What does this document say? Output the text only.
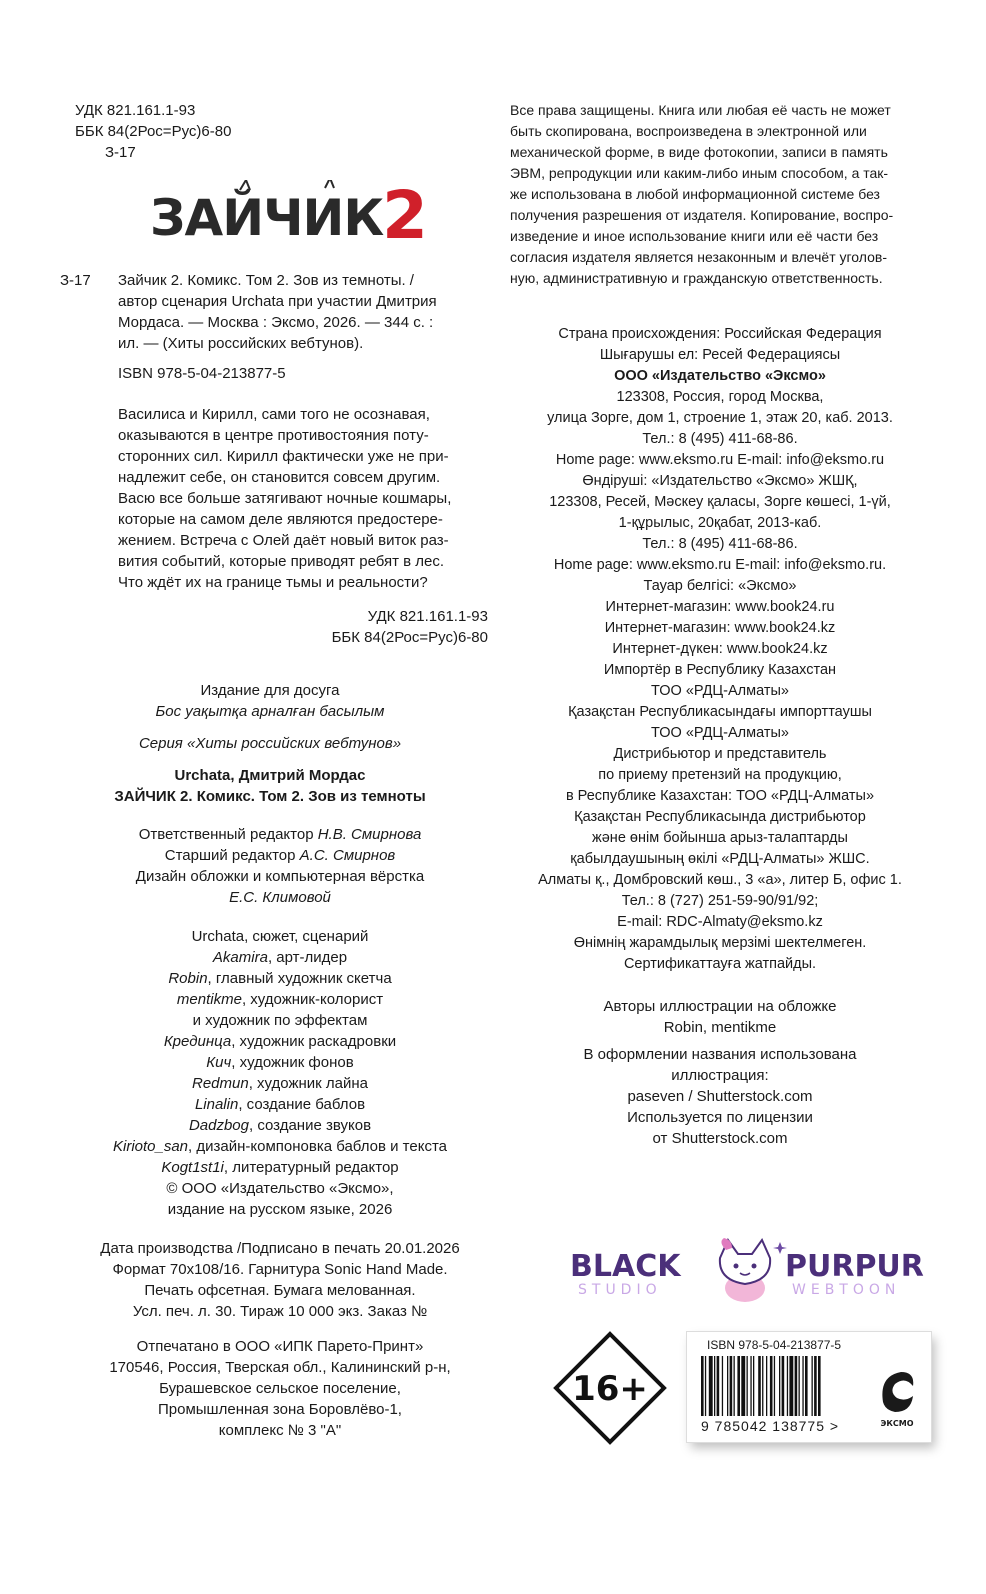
УДК 821.161.1-93
ББК 84(2Рос=Рус)6-80
З-17
ЗАЙЧИК
2
З-17 Зайчик 2. Комикс. Том 2. Зов из темноты. /
автор сценария Urchata при участии Дмитрия
Мордаса. — Москва : Эксмо, 2026. — 344 с. :
ил. — (Хиты российских вебтунов).
ISBN 978-5-04-213877-5
Василиса и Кирилл, сами того не осознавая,
оказываются в центре противостояния поту-
сторонних сил. Кирилл фактически уже не при-
надлежит себе, он становится совсем другим.
Васю все больше затягивают ночные кошмары,
которые на самом деле являются предостере-
жением. Встреча с Олей даёт новый виток раз-
вития событий, которые приводят ребят в лес.
Что ждёт их на границе тьмы и реальности?
УДК 821.161.1-93
ББК 84(2Рос=Рус)6-80
Издание для досуга
Бос уақытқа арналған басылым
Серия «Хиты российских вебтунов»
Urchata, Дмитрий Мордас
ЗАЙЧИК 2. Комикс. Том 2. Зов из темноты
Ответственный редактор Н.В. Смирнова
Старший редактор А.С. Смирнов
Дизайн обложки и компьютерная вёрстка
Е.С. Климовой
Urchata, сюжет, сценарий
Akamira, арт-лидер
Robin, главный художник скетча
mentikme, художник-колорист
и художник по эффектам
Крединца, художник раскадровки
Кич, художник фонов
Redmun, художник лайна
Linalin, создание баблов
Dadzbog, создание звуков
Kirioto_san, дизайн-компоновка баблов и текста
Kogt1st1i, литературный редактор
© ООО «Издательство «Эксмо»,
издание на русском языке, 2026
Дата производства /Подписано в печать 20.01.2026
Формат 70x108/16. Гарнитура Sonic Hand Made.
Печать офсетная. Бумага мелованная.
Усл. печ. л. 30. Тираж 10 000 экз. Заказ №
Отпечатано в ООО «ИПК Парето-Принт»
170546, Россия, Тверская обл., Калининский р-н,
Бурашевское сельское поселение,
Промышленная зона Боровлёво-1,
комплекс № 3 "А"
Все права защищены. Книга или любая её часть не может
быть скопирована, воспроизведена в электронной или
механической форме, в виде фотокопии, записи в память
ЭВМ, репродукции или каким-либо иным способом, а так-
же использована в любой информационной системе без
получения разрешения от издателя. Копирование, воспро-
изведение и иное использование книги или её части без
согласия издателя является незаконным и влечёт уголов-
ную, административную и гражданскую ответственность.
Страна происхождения: Российская Федерация
Шығарушы ел: Ресей Федерациясы
ООО «Издательство «Эксмо»
123308, Россия, город Москва,
улица Зорге, дом 1, строение 1, этаж 20, каб. 2013.
Тел.: 8 (495) 411-68-86.
Home page: www.eksmo.ru E-mail: info@eksmo.ru
Өндіруші: «Издательство «Эксмо» ЖШҚ,
123308, Ресей, Мәскеу қаласы, Зорге көшесі, 1-үй,
1-құрылыс, 20қабат, 2013-каб.
Тел.: 8 (495) 411-68-86.
Home page: www.eksmo.ru E-mail: info@eksmo.ru.
Тауар белгісі: «Эксмо»
Интернет-магазин: www.book24.ru
Интернет-магазин: www.book24.kz
Интернет-дүкен: www.book24.kz
Импортёр в Республику Казахстан
ТОО «РДЦ-Алматы»
Қазақстан Республикасындағы импорттаушы
ТОО «РДЦ-Алматы»
Дистрибьютор и представитель
по приему претензий на продукцию,
в Республике Казахстан: ТОО «РДЦ-Алматы»
Қазақстан Республикасында дистрибьютор
және өнім бойынша арыз-талаптарды
қабылдаушының өкілі «РДЦ-Алматы» ЖШС.
Алматы қ., Домбровский көш., 3 «а», литер Б, офис 1.
Тел.: 8 (727) 251-59-90/91/92;
E-mail: RDC-Almaty@eksmo.kz
Өнімнің жарамдылық мерзімі шектелмеген.
Сертификаттауға жатпайды.
Авторы иллюстрации на обложке
Robin, mentikme
В оформлении названия использована
иллюстрация:
paseven / Shutterstock.com
Используется по лицензии
от Shutterstock.com
BLACK	PURPUR
STUDIO	WEBTOON
16+
ISBN 978-5-04-213877-5
9 785042 138775 >	ЭКСМО
